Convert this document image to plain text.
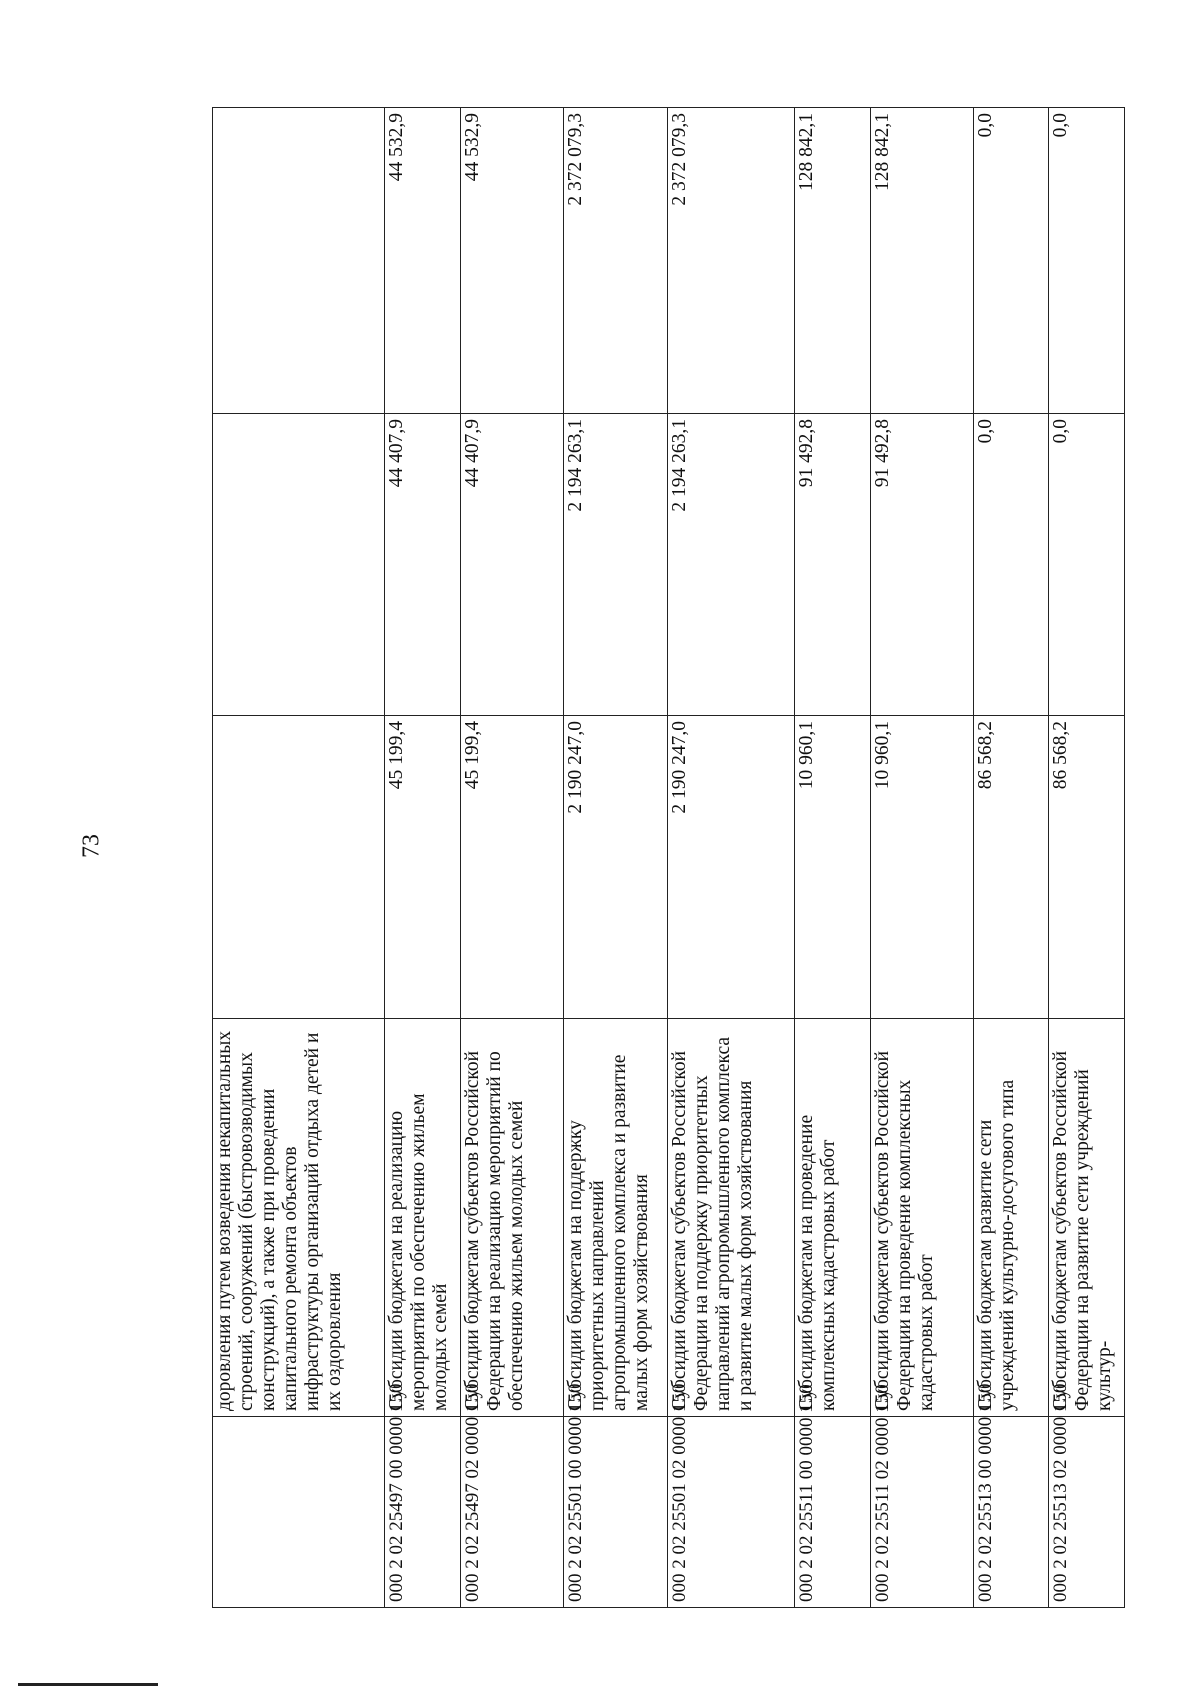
73
	доровления путем возведения некапитальных строений, сооружений (быстровозводимых конструкций), а также при проведении капитального ремонта объектов инфраструктуры организаций отдыха детей и их оздоровления			
000 2 02 25497 00 0000 150	Субсидии бюджетам на реализацию мероприятий по обеспечению жильем молодых семей	45 199,4	44 407,9	44 532,9
000 2 02 25497 02 0000 150	Субсидии бюджетам субъектов Российской Федерации на реализацию мероприятий по обеспечению жильем молодых семей	45 199,4	44 407,9	44 532,9
000 2 02 25501 00 0000 150	Субсидии бюджетам на поддержку приоритетных направлений агропромышленного комплекса и развитие малых форм хозяйствования	2 190 247,0	2 194 263,1	2 372 079,3
000 2 02 25501 02 0000 150	Субсидии бюджетам субъектов Российской Федерации на поддержку приоритетных направлений агропромышленного комплекса и развитие малых форм хозяйствования	2 190 247,0	2 194 263,1	2 372 079,3
000 2 02 25511 00 0000 150	Субсидии бюджетам на проведение комплексных кадастровых работ	10 960,1	91 492,8	128 842,1
000 2 02 25511 02 0000 150	Субсидии бюджетам субъектов Российской Федерации на проведение комплексных кадастровых работ	10 960,1	91 492,8	128 842,1
000 2 02 25513 00 0000 150	Субсидии бюджетам развитие сети учреждений культурно-досугового типа	86 568,2	0,0	0,0
000 2 02 25513 02 0000 150	Субсидии бюджетам субъектов Российской Федерации на развитие сети учреждений культур-	86 568,2	0,0	0,0
